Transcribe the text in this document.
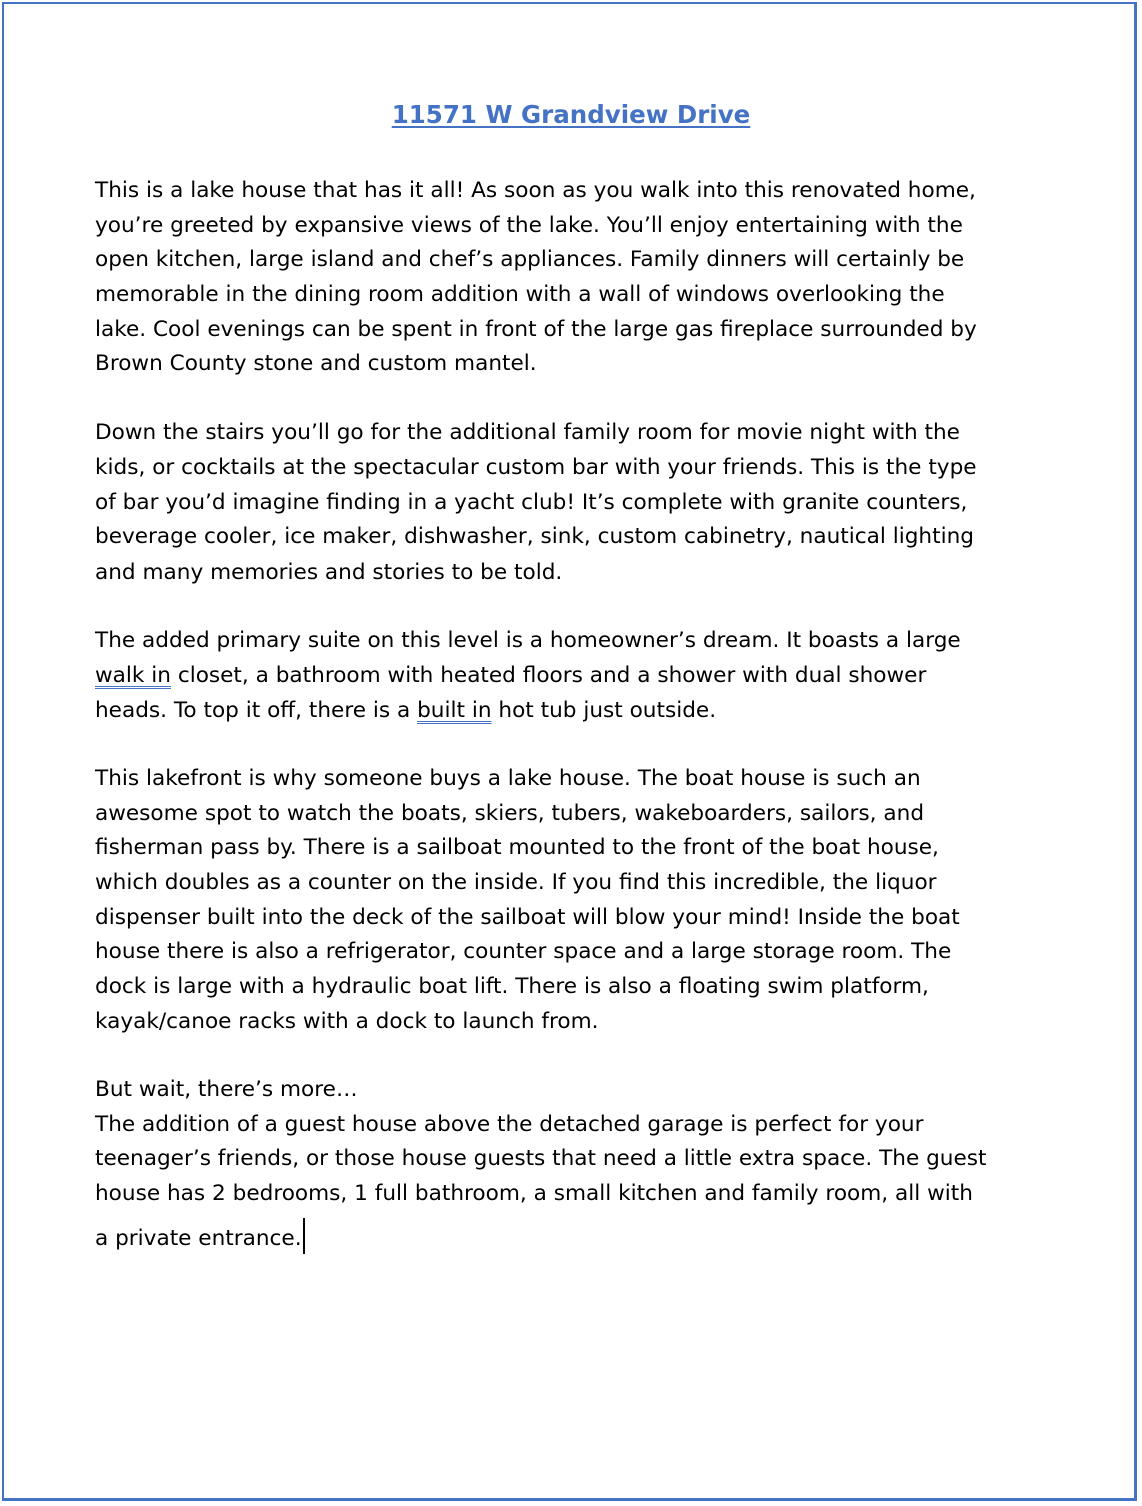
11571 W Grandview Drive
This is a lake house that has it all! As soon as you walk into this renovated home,
you’re greeted by expansive views of the lake. You’ll enjoy entertaining with the
open kitchen, large island and chef’s appliances. Family dinners will certainly be
memorable in the dining room addition with a wall of windows overlooking the
lake. Cool evenings can be spent in front of the large gas fireplace surrounded by
Brown County stone and custom mantel.
Down the stairs you’ll go for the additional family room for movie night with the
kids, or cocktails at the spectacular custom bar with your friends. This is the type
of bar you’d imagine finding in a yacht club! It’s complete with granite counters,
beverage cooler, ice maker, dishwasher, sink, custom cabinetry, nautical lighting
and many memories and stories to be told.
The added primary suite on this level is a homeowner’s dream. It boasts a large
walk in closet, a bathroom with heated floors and a shower with dual shower
heads. To top it off, there is a built in hot tub just outside.
This lakefront is why someone buys a lake house. The boat house is such an
awesome spot to watch the boats, skiers, tubers, wakeboarders, sailors, and
fisherman pass by. There is a sailboat mounted to the front of the boat house,
which doubles as a counter on the inside. If you find this incredible, the liquor
dispenser built into the deck of the sailboat will blow your mind! Inside the boat
house there is also a refrigerator, counter space and a large storage room. The
dock is large with a hydraulic boat lift. There is also a floating swim platform,
kayak/canoe racks with a dock to launch from.
But wait, there’s more…
The addition of a guest house above the detached garage is perfect for your
teenager’s friends, or those house guests that need a little extra space. The guest
house has 2 bedrooms, 1 full bathroom, a small kitchen and family room, all with
a private entrance.
